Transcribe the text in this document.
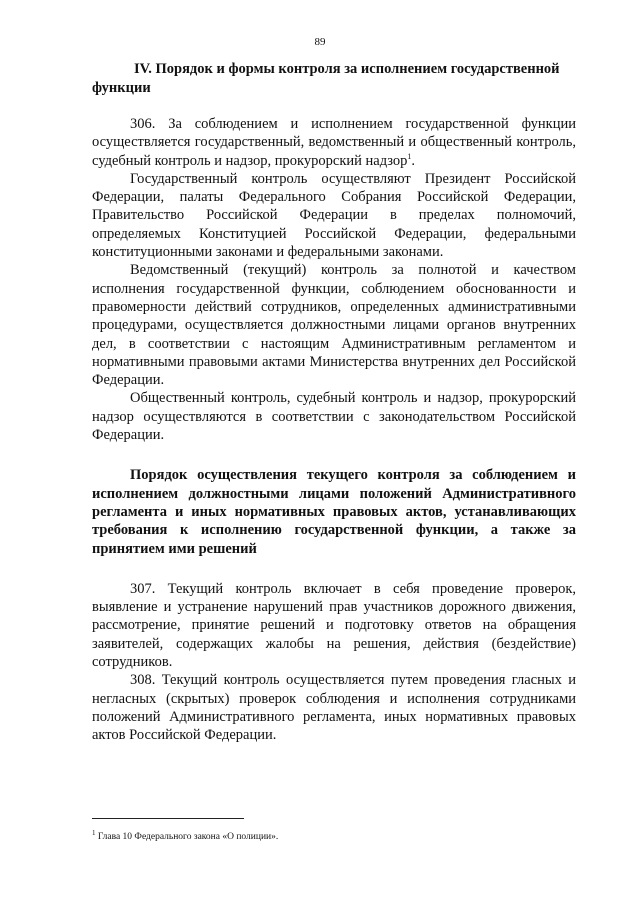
89
IV. Порядок и формы контроля за исполнением государственной
функции

306. За соблюдением и исполнением государственной функции осуществляется государственный, ведомственный и общественный контроль, судебный контроль и надзор, прокурорский надзор$^1$.

Государственный контроль осуществляют Президент Российской Федерации, палаты Федерального Собрания Российской Федерации, Правительство Российской Федерации в пределах полномочий, определяемых Конституцией Российской Федерации, федеральными конституционными законами и федеральными законами.

Ведомственный (текущий) контроль за полнотой и качеством исполнения государственной функции, соблюдением обоснованности и правомерности действий сотрудников, определенных административными процедурами, осуществляется должностными лицами органов внутренних дел, в соответствии с настоящим Административным регламентом и нормативными правовыми актами Министерства внутренних дел Российской Федерации.

Общественный контроль, судебный контроль и надзор, прокурорский надзор осуществляются в соответствии с законодательством Российской Федерации.

Порядок осуществления текущего контроля за соблюдением и исполнением должностными лицами положений Административного регламента и иных нормативных правовых актов, устанавливающих требования к исполнению государственной функции, а также за принятием ими решений

307. Текущий контроль включает в себя проведение проверок, выявление и устранение нарушений прав участников дорожного движения, рассмотрение, принятие решений и подготовку ответов на обращения заявителей, содержащих жалобы на решения, действия (бездействие) сотрудников.

308. Текущий контроль осуществляется путем проведения гласных и негласных (скрытых) проверок соблюдения и исполнения сотрудниками положений Административного регламента, иных нормативных правовых актов Российской Федерации.

$^1$ Глава 10 Федерального закона «О полиции».
